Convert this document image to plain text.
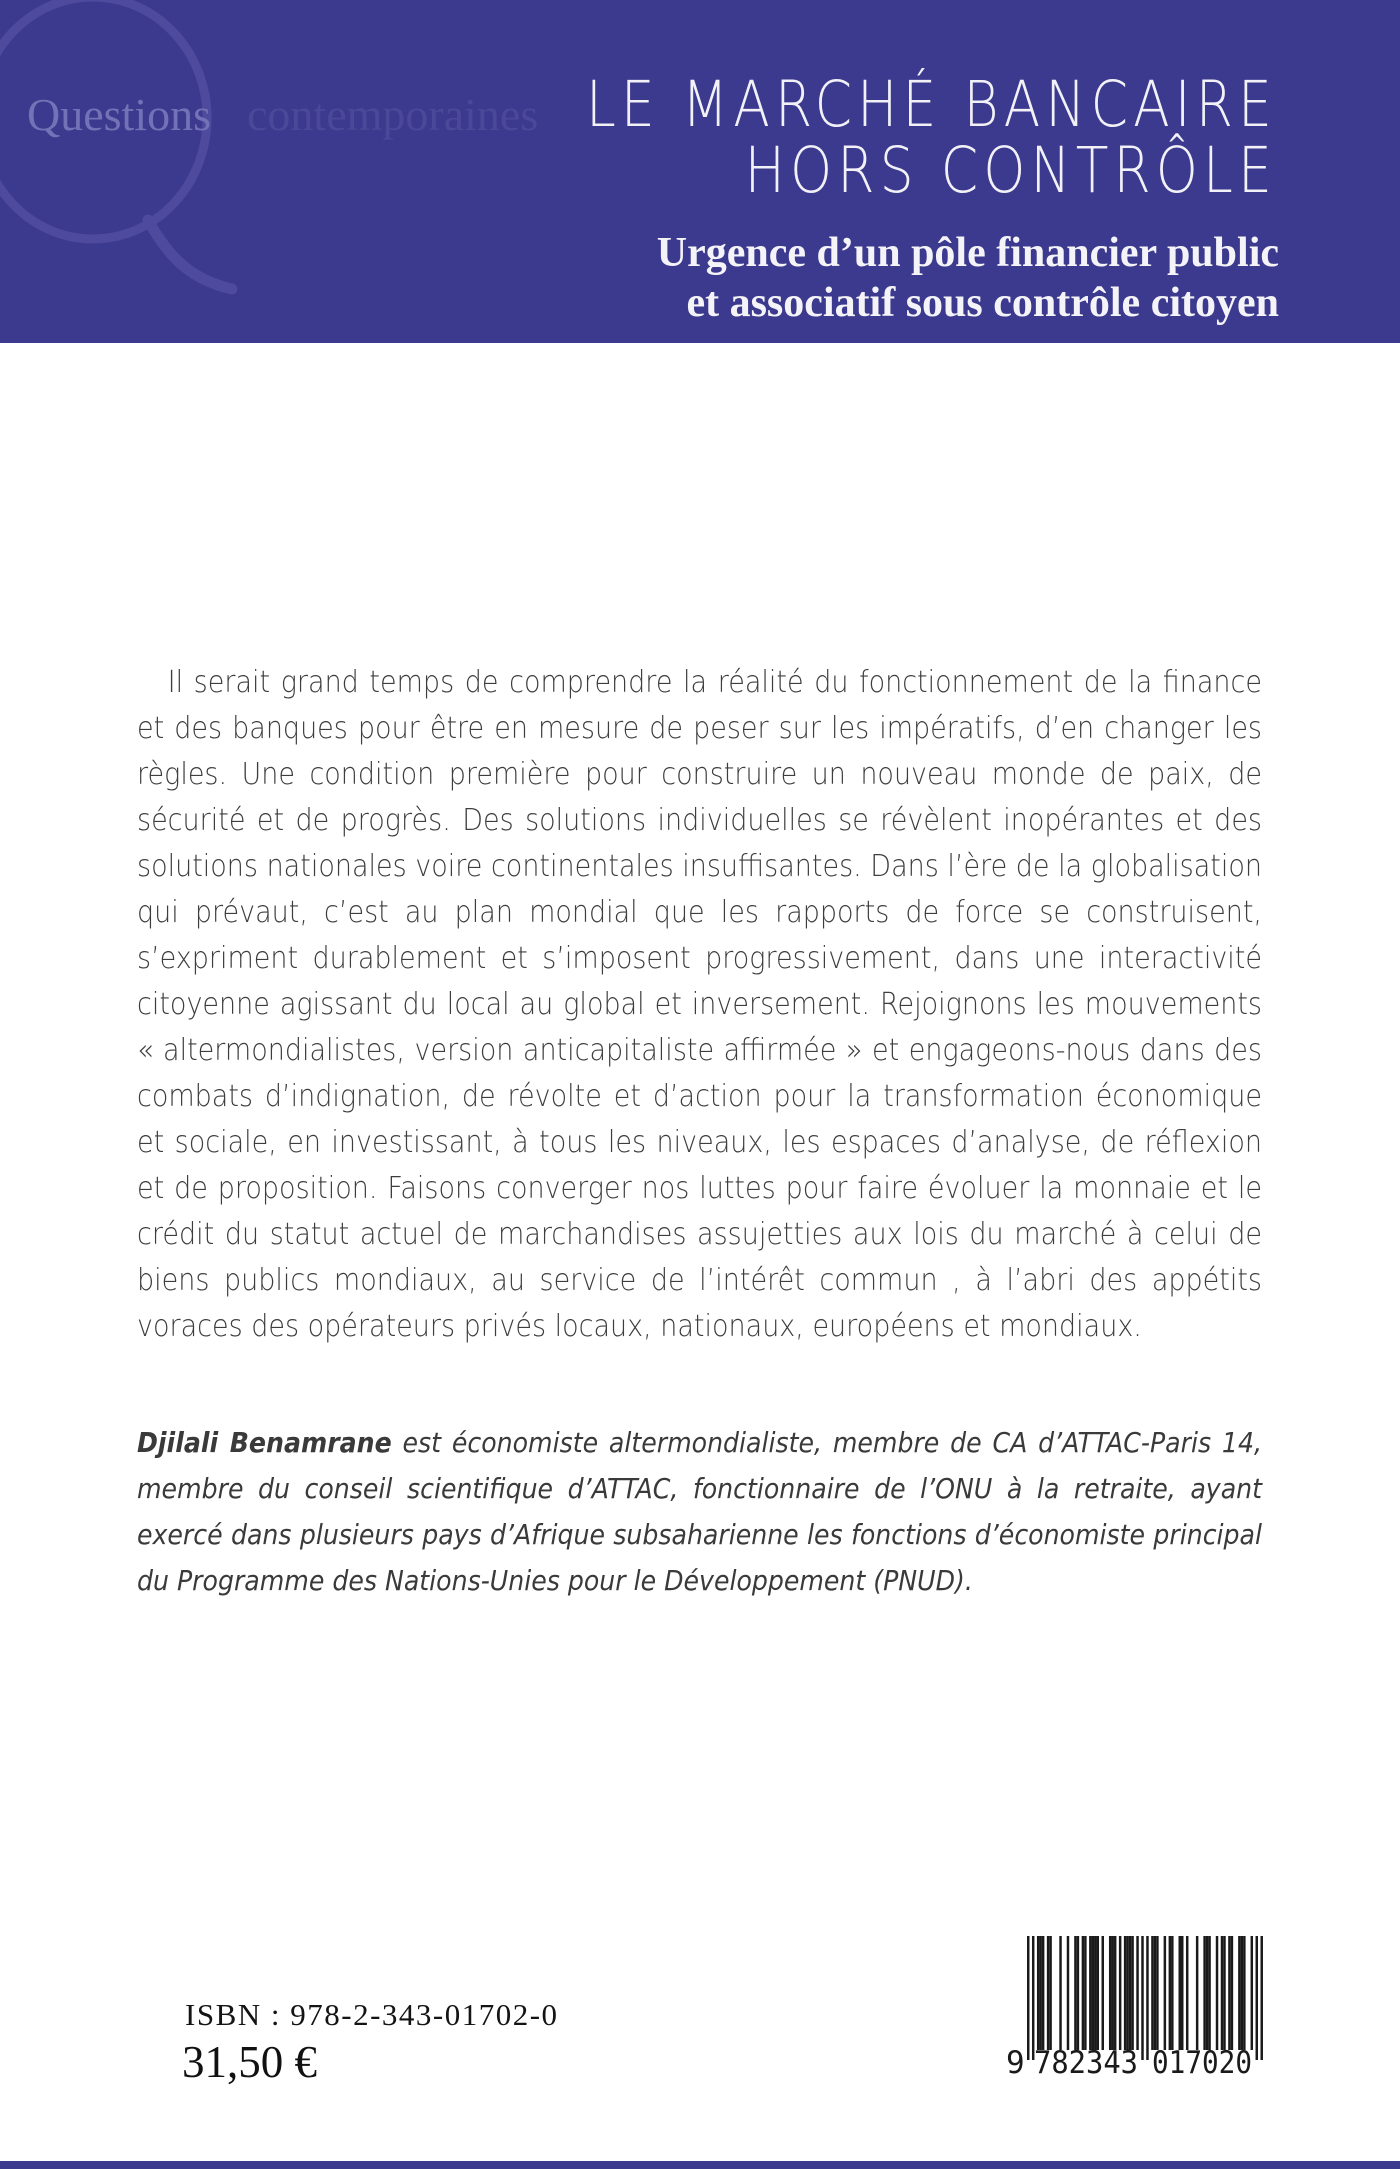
Questions contemporaines LE MARCHÉ BANCAIRE
HORS CONTRÔLE
Urgence d’un pôle financier public
et associatif sous contrôle citoyen

Il serait grand temps de comprendre la réalité du fonctionnement de la finance et des banques pour être en mesure de peser sur les impératifs, d’en changer les règles. Une condition première pour construire un nouveau monde de paix, de sécurité et de progrès. Des solutions individuelles se révèlent inopérantes et des solutions nationales voire continentales insuffisantes. Dans l’ère de la globalisation qui prévaut, c’est au plan mondial que les rapports de force se construisent, s’expriment durablement et s’imposent progressivement, dans une interactivité citoyenne agissant du local au global et inversement. Rejoignons les mouvements « altermondialistes, version anticapitaliste affirmée » et engageons-nous dans des combats d’indignation, de révolte et d’action pour la transformation économique et sociale, en investissant, à tous les niveaux, les espaces d’analyse, de réflexion et de proposition. Faisons converger nos luttes pour faire évoluer la monnaie et le crédit du statut actuel de marchandises assujetties aux lois du marché à celui de biens publics mondiaux, au service de l’intérêt commun , à l’abri des appétits voraces des opérateurs privés locaux, nationaux, européens et mondiaux.

Djilali Benamrane est économiste altermondialiste, membre de CA d’ATTAC-Paris 14, membre du conseil scientifique d’ATTAC, fonctionnaire de l’ONU à la retraite, ayant exercé dans plusieurs pays d’Afrique subsaharienne les fonctions d’économiste principal du Programme des Nations-Unies pour le Développement (PNUD).

ISBN : 978-2-343-01702-0
31,50 €	9 782343 017020
